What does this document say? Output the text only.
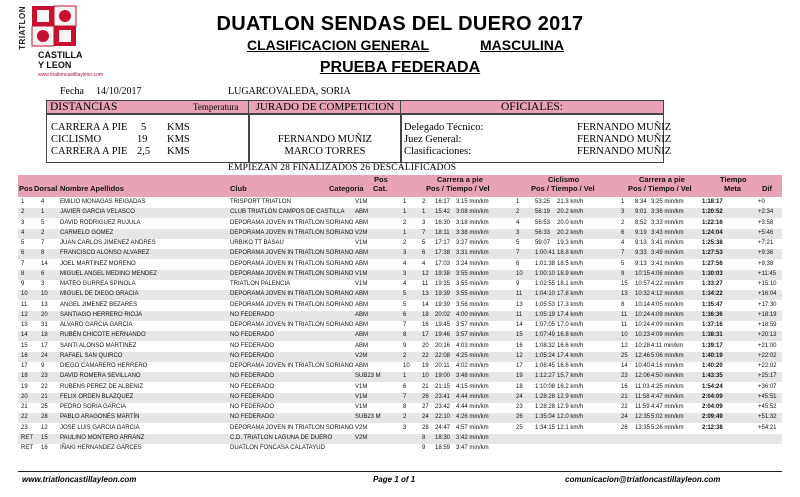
TRIATLON
CASTILLA
Y LEON
www.triatloncastillayleon.com
DUATLON SENDAS DEL DUERO 2017
CLASIFICACION GENERAL	MASCULINA
PRUEBA FEDERADA
Fecha 14/10/2017	LUGAR:
COVALEDA, SORIA
DISTANCIAS	Temperatura	JURADO DE COMPETICION	OFICIALES:
CARRERA A PIE 5 KMS
CICLISMO	19 KMS
CARRERA A PIE 2,5 KMS
FERNANDO MUÑIZ
MARCO TORRES
Delegado Técnico:	FERNANDO MUÑIZ
Juez General:	FERNANDO MUÑIZ
Clasificaciones:	FERNANDO MUÑIZ
EMPIEZAN 28 FINALIZADOS 26 DESCALIFICADOS
Pos Dorsal Nombre Apellidos	Club	Categoria
Pos
Cat.
Carrera a pie
Pos / Tiempo / Vel
Ciclismo
Pos / Tiempo / Vel
Carrera a pie
Pos / Tiempo / Vel
Tiempo
Meta	Dif
1	4	EMILIO MONAGAS REIGADAS	TRISPORT TRIATLON	V1M	1	2 16:17 3:15 min/km	1	53:25 21.3 km/h	1 8:34 3:25 min/km	1:18:17	+0
2	1	JAVIER GARCIA VELASCO	CLUB TRIATLÓN CAMPOS DE CASTILLA ABM	1	1 15:42 3:08 min/km	2	56:19 20.2 km/h	3 9:01 3:36 min/km	1:20:52	+2:34
3	5	DAVID RODRIGUEZ RUJULA	DEPORAMA JOVEN IN TRIATLON SORIANO ABM	2	3 16:30 3:18 min/km	4	56:53 20.0 km/h	2 8:52 3:33 min/km	1:22:16	+3:58
4	2	CARMELO GOMEZ	DEPORAMA JOVEN IN TRIATLON SORIANO V2M	1	7 18:11 3:38 min/km	3	56:33 20.2 km/h	6 9:19 3:43 min/km	1:24:04	+5:46
5	7	JUAN CARLOS JIMENEZ ANDRES	URBIKO TT BASAU	V1M	2	5 17:17 3:27 min/km	5	59:07 19.3 km/h	4 9:13 3:41 min/km	1:25:38	+7:21
6	8	FRANCISCO ALONSO ALVAREZ	DEPORAMA JOVEN IN TRIATLON SORIANO ABM	3	6 17:38 3:31 min/km	7	1:00:41 18.8 km/h	7 9:33 3:49 min/km	1:27:53	+9:36
7	14 JOEL MARTINEZ MORENO	DEPORAMA JOVEN IN TRIATLON SORIANO ABM	4	4 17:03 3:24 min/km	6	1:01:38 18.5 km/h	5 9:13 3:41 min/km	1:27:56	+9:38
8	6	MIGUEL ANGEL MEDINO MENDEZ	DEPORAMA JOVEN IN TRIATLON SORIANO V1M	3	12 19:38 3:55 min/km	10 1:00:10 18.9 km/h	9 10:15 4:06 min/km	1:30:03	+11:45
9	3	MATEO GURREA SPINOLA	TRIATLON PALENCIA	V1M	4	11 19:35 3:55 min/km	9	1:02:55 18.1 km/h	15 10:57 4:22 min/km	1:33:27	+15:10
10 10 MIGUEL DE DIEGO GRACIA	DEPORAMA JOVEN IN TRIATLON SORIANO ABM	5	13 19:39 3:55 min/km	11 1:04:10 17.8 km/h	13 10:32 4:12 min/km	1:34:22	+16:04
11 13 ANGEL JIMENEZ BEZARES	DEPORAMA JOVEN IN TRIATLON SORIANO ABM	5	14 19:39 3:56 min/km	13 1:05:53 17.3 km/h	8 10:14 4:05 min/km	1:35:47	+17:30
12 20 SANTIAGO HERRERO RIOJA	NO FEDERADO	ABM	6	18 20:02 4:00 min/km	11 1:05:19 17.4 km/h	11 10:24 4:09 min/km	1:36:36	+18:19
13 31 ALVARO GARCIA GARCIA	DEPORAMA JOVEN IN TRIATLON SORIANO ABM	7	16 19:45 3:57 min/km	14 1:07:05 17.0 km/h	11 10:24 4:09 min/km	1:37:16	+18:59
14 18 RUBÉN CHICOTE HERNANDO	NO FEDERADO	ABM	8	17 19:46 3:57 min/km	15 1:07:49 16.8 km/h	10 10:23 4:09 min/km	1:38:31	+20:13
15 17 SANTI ALONSO MARTINEZ	NO FEDERADO	ABM	9	20 20:16 4:03 min/km	16 1:08:32 16.6 km/h	12 10:28 4:11 min/km	1:39:17	+21:00
16 24 RAFAEL SAN QUIRCO	NO FEDERADO	V2M	2	22 22:08 4:25 min/km	12 1:05:24 17.4 km/h	25 12:46 5:06 min/km	1:40:19	+22:02
17 9	DIEGO CAMARERO HERRERO	DEPORAMA JOVEN IN TRIATLON SORIANO ABM	10 19 20:11 4:02 min/km	17 1:08:45 16.6 km/h	14 10:40 4:16 min/km	1:40:20	+22:02
18 23 DAVID ROMERA SEVILLANO	NO FEDERADO	SUB23 M	1	10 19:00 3:48 min/km	19 1:12:27 15.7 km/h	23 12:06 4:50 min/km	1:43:35	+25:17
19 22 RUBENS PEREZ DE ALBENIZ	NO FEDERADO	V1M	6	21 21:15 4:15 min/km	18 1:10:08 16.2 km/h	16 11:03 4:25 min/km	1:54:24	+36:07
20 21 FELIX ORDEN BLAZQUEZ	NO FEDERADO	V1M	7	26 23:41 4:44 min/km	24 1:28:28 12.9 km/h	21 11:58 4:47 min/km	2:04:09	+45:51
21 25 PEDRO SORIA GARCIA	NO FEDERADO	V1M	8	27 23:42 4:44 min/km	23 1:28:28 12.9 km/h	22 11:59 4:47 min/km	2:04:09	+45:52
22 28 PABLO ARAGONÉS MARTÍN	NO FEDERADO	SUB23 M	2	24 22:10 4:26 min/km	26 1:35:04 12.0 km/h	24 12:35 5:02 min/km	2:09:49	+51:32
23 12 JOSE LUIS GARCIA GARCIA	DEPORAMA JOVEN IN TRIATLON SORIANO V2M	3	28 24:47 4:57 min/km	25 1:34:15 12.1 km/h	26 13:35 5:26 min/km	2:12:38	+54:21
RET 15 PAULINO MONTERO ARRANZ	C.D. TRIATLON LAGUNA DE DUERO	V2M	8 18:30 3:42 min/km
RET 16 IÑAKI HERNANDEZ GARCES	DUATLON FONCASA CALATAYUD	9 18:59 3:47 min/km
www.triatloncastillayleon.com	Page 1 of 1	comunicacion@triatloncastillayleon.com
